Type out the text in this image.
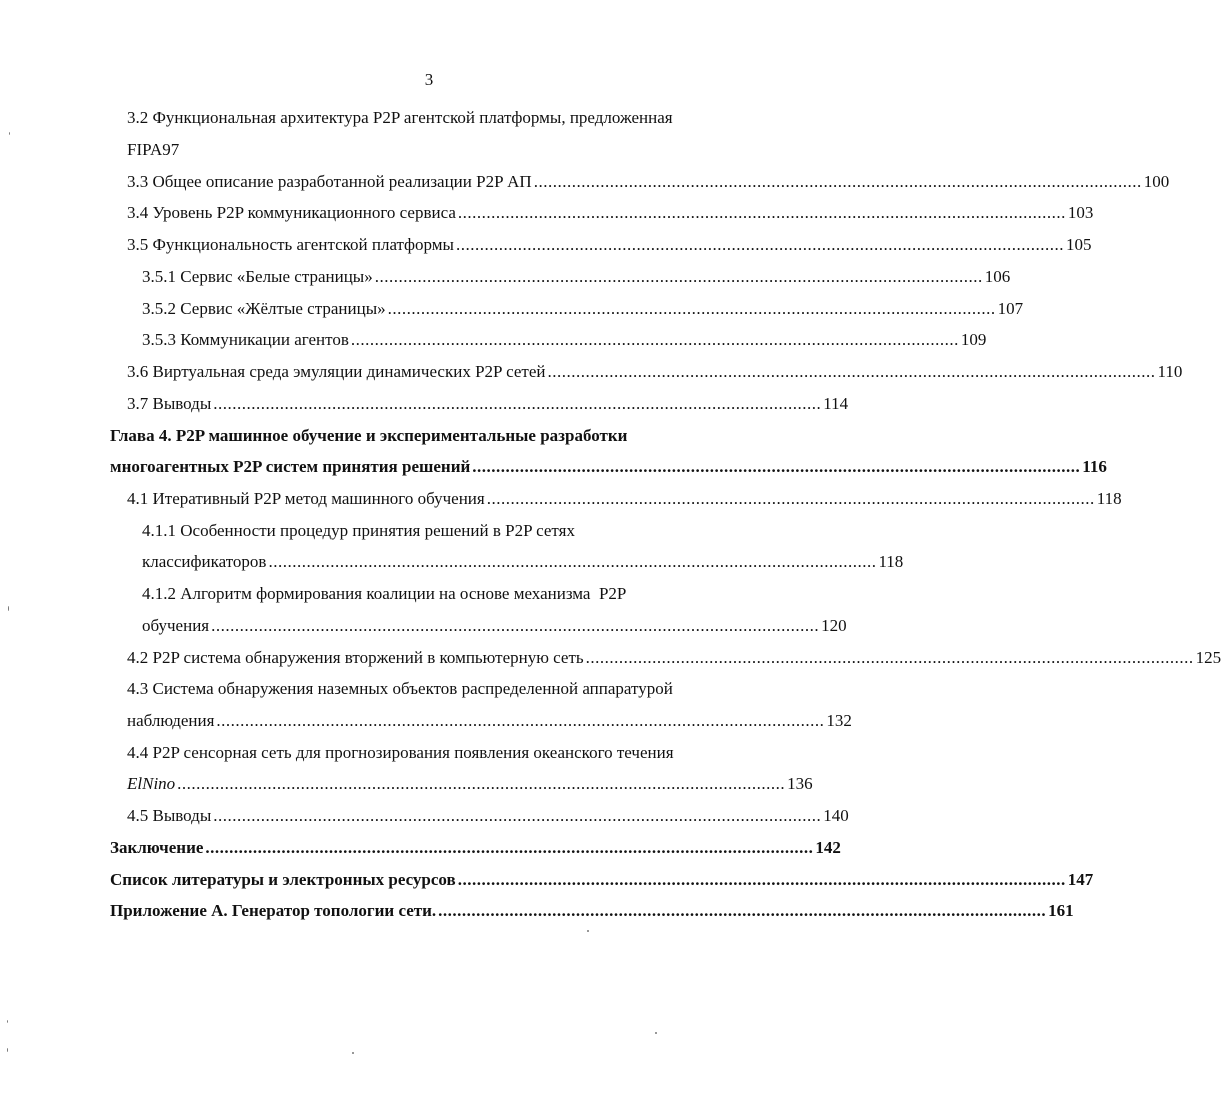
3
3.2 Функциональная архитектура P2P агентской платформы, предложенная
FIPA97
3.3 Общее описание разработанной реализации P2P АП ................................................................................................................................ 100
3.4 Уровень P2P коммуникационного сервиса ................................................................................................................................ 103
3.5 Функциональность агентской платформы ................................................................................................................................ 105
3.5.1 Сервис «Белые страницы» ................................................................................................................................ 106
3.5.2 Сервис «Жёлтые страницы» ................................................................................................................................ 107
3.5.3 Коммуникации агентов ................................................................................................................................ 109
3.6 Виртуальная среда эмуляции динамических P2P сетей ................................................................................................................................ 110
3.7 Выводы ................................................................................................................................ 114
Глава 4. P2P машинное обучение и экспериментальные разработки
многоагентных P2P систем принятия решений ................................................................................................................................ 116
4.1 Итеративный P2P метод машинного обучения ................................................................................................................................ 118
4.1.1 Особенности процедур принятия решений в P2P сетях
классификаторов ................................................................................................................................ 118
4.1.2 Алгоритм формирования коалиции на основе механизма  P2P
обучения ................................................................................................................................ 120
4.2 P2P система обнаружения вторжений в компьютерную сеть ................................................................................................................................ 125
4.3 Система обнаружения наземных объектов распределенной аппаратурой
наблюдения ................................................................................................................................ 132
4.4 P2P сенсорная сеть для прогнозирования появления океанского течения
ElNino ................................................................................................................................ 136
4.5 Выводы ................................................................................................................................ 140
Заключение ................................................................................................................................ 142
Список литературы и электронных ресурсов ................................................................................................................................ 147
Приложение А. Генератор топологии сети. ................................................................................................................................ 161
